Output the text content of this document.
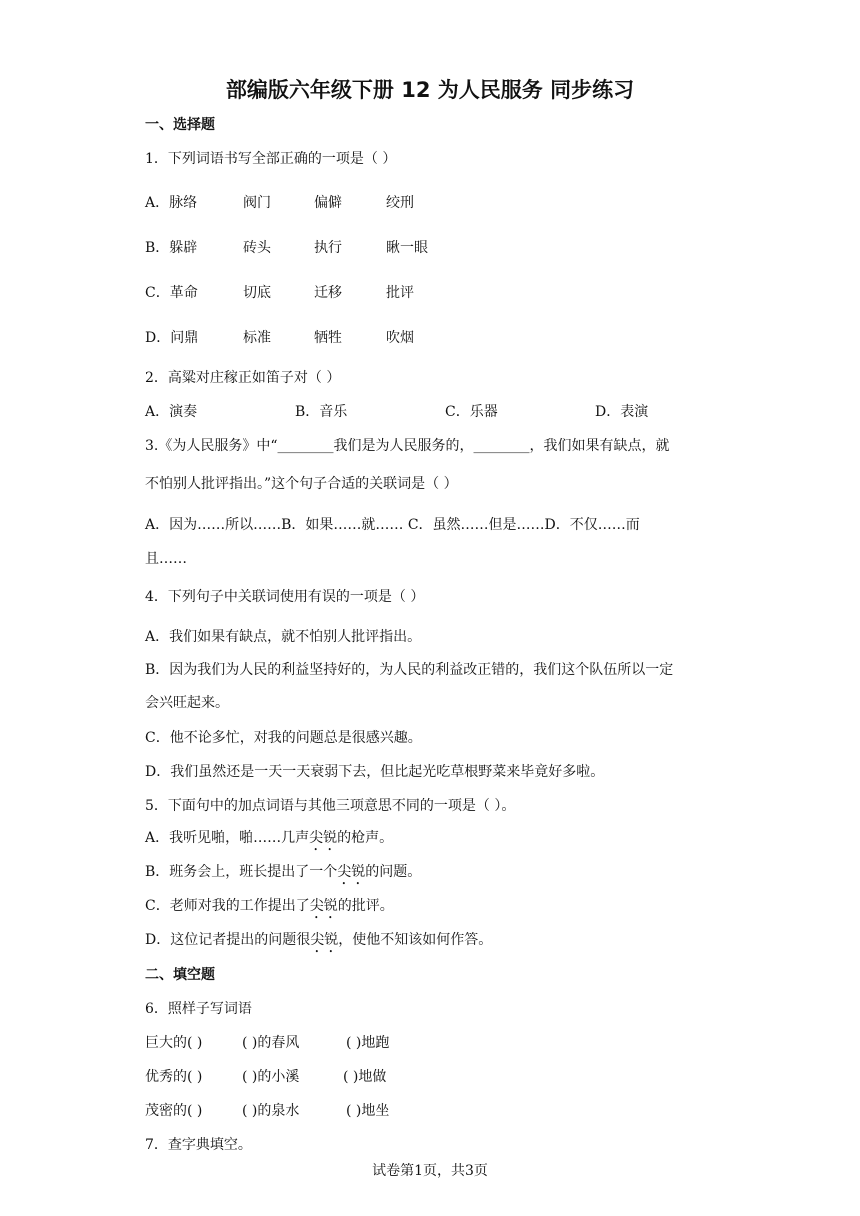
部编版六年级下册 12 为人民服务 同步练习
一、选择题
1．下列词语书写全部正确的一项是（ ）
A．脉络	阀门	偏僻	绞刑
B．躲辟	砖头	执行	瞅一眼
C．革命	切底	迁移	批评
D．问鼎	标准	牺牲	吹烟
2．高粱对庄稼正如笛子对（ ）
A．演奏	B．音乐	C．乐器	D．表演
3.《为人民服务》中“________我们是为人民服务的，________，我们如果有缺点，就
不怕别人批评指出。”这个句子合适的关联词是（ ）
A．因为……所以……B．如果……就…… C．虽然……但是……D．不仅……而
且……
4．下列句子中关联词使用有误的一项是（ ）
A．我们如果有缺点，就不怕别人批评指出。
B．因为我们为人民的利益坚持好的，为人民的利益改正错的，我们这个队伍所以一定
会兴旺起来。
C．他不论多忙，对我的问题总是很感兴趣。
D．我们虽然还是一天一天衰弱下去，但比起光吃草根野菜来毕竟好多啦。
5．下面句中的加点词语与其他三项意思不同的一项是（ ）。
A．我听见啪，啪……几声尖锐的枪声。
B．班务会上，班长提出了一个尖锐的问题。
C．老师对我的工作提出了尖锐的批评。
D．这位记者提出的问题很尖锐，使他不知该如何作答。
二、填空题
6．照样子写词语
巨大的( )	( )的春风	( )地跑
优秀的( )	( )的小溪	( )地做
茂密的( )	( )的泉水	( )地坐
7．查字典填空。
试卷第1页，共3页
